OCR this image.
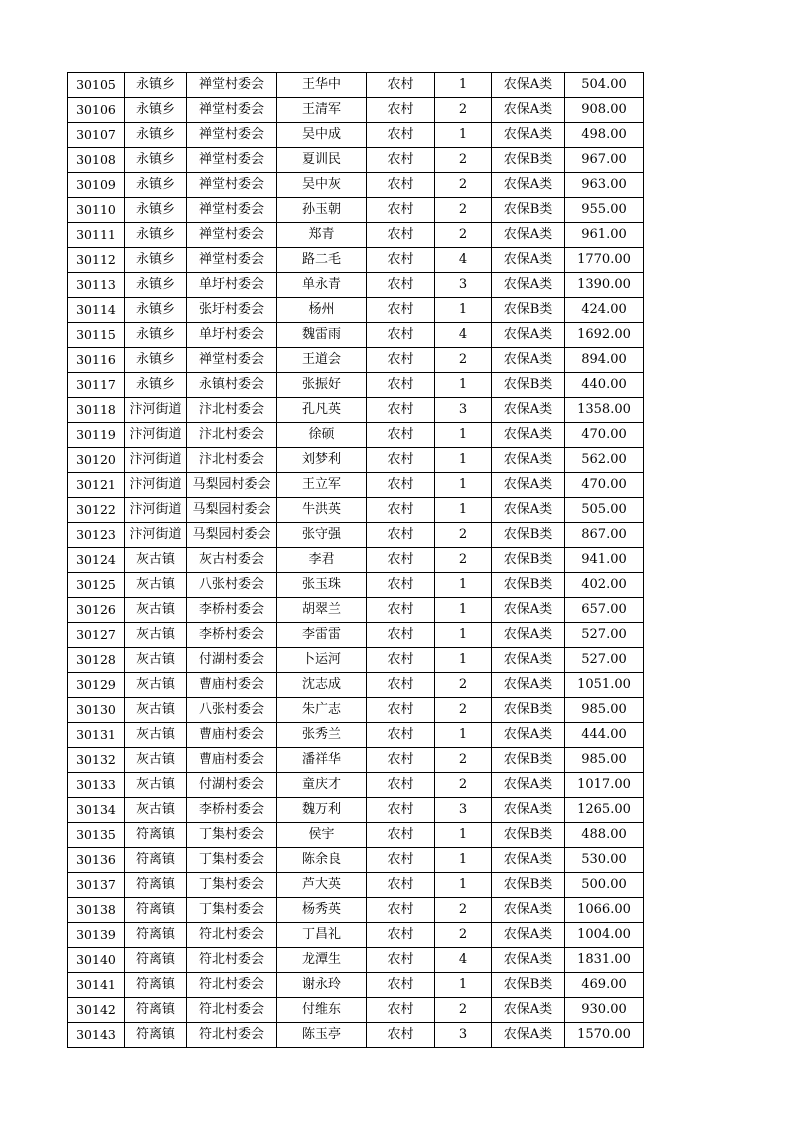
30105	永镇乡	禅堂村委会	王华中	农村	1	农保A类	504.00
30106	永镇乡	禅堂村委会	王清军	农村	2	农保A类	908.00
30107	永镇乡	禅堂村委会	吴中成	农村	1	农保A类	498.00
30108	永镇乡	禅堂村委会	夏训民	农村	2	农保B类	967.00
30109	永镇乡	禅堂村委会	吴中灰	农村	2	农保A类	963.00
30110	永镇乡	禅堂村委会	孙玉朝	农村	2	农保B类	955.00
30111	永镇乡	禅堂村委会	郑青	农村	2	农保A类	961.00
30112	永镇乡	禅堂村委会	路二毛	农村	4	农保A类	1770.00
30113	永镇乡	单圩村委会	单永青	农村	3	农保A类	1390.00
30114	永镇乡	张圩村委会	杨州	农村	1	农保B类	424.00
30115	永镇乡	单圩村委会	魏雷雨	农村	4	农保A类	1692.00
30116	永镇乡	禅堂村委会	王道会	农村	2	农保A类	894.00
30117	永镇乡	永镇村委会	张振好	农村	1	农保B类	440.00
30118	汴河街道	汴北村委会	孔凡英	农村	3	农保A类	1358.00
30119	汴河街道	汴北村委会	徐硕	农村	1	农保A类	470.00
30120	汴河街道	汴北村委会	刘梦利	农村	1	农保A类	562.00
30121	汴河街道	马梨园村委会	王立军	农村	1	农保A类	470.00
30122	汴河街道	马梨园村委会	牛洪英	农村	1	农保A类	505.00
30123	汴河街道	马梨园村委会	张守强	农村	2	农保B类	867.00
30124	灰古镇	灰古村委会	李君	农村	2	农保B类	941.00
30125	灰古镇	八张村委会	张玉珠	农村	1	农保B类	402.00
30126	灰古镇	李桥村委会	胡翠兰	农村	1	农保A类	657.00
30127	灰古镇	李桥村委会	李雷雷	农村	1	农保A类	527.00
30128	灰古镇	付湖村委会	卜运河	农村	1	农保A类	527.00
30129	灰古镇	曹庙村委会	沈志成	农村	2	农保A类	1051.00
30130	灰古镇	八张村委会	朱广志	农村	2	农保B类	985.00
30131	灰古镇	曹庙村委会	张秀兰	农村	1	农保A类	444.00
30132	灰古镇	曹庙村委会	潘祥华	农村	2	农保B类	985.00
30133	灰古镇	付湖村委会	童庆才	农村	2	农保A类	1017.00
30134	灰古镇	李桥村委会	魏万利	农村	3	农保A类	1265.00
30135	符离镇	丁集村委会	侯宇	农村	1	农保B类	488.00
30136	符离镇	丁集村委会	陈余良	农村	1	农保A类	530.00
30137	符离镇	丁集村委会	芦大英	农村	1	农保B类	500.00
30138	符离镇	丁集村委会	杨秀英	农村	2	农保A类	1066.00
30139	符离镇	符北村委会	丁昌礼	农村	2	农保A类	1004.00
30140	符离镇	符北村委会	龙潭生	农村	4	农保A类	1831.00
30141	符离镇	符北村委会	谢永玲	农村	1	农保B类	469.00
30142	符离镇	符北村委会	付维东	农村	2	农保A类	930.00
30143	符离镇	符北村委会	陈玉亭	农村	3	农保A类	1570.00
